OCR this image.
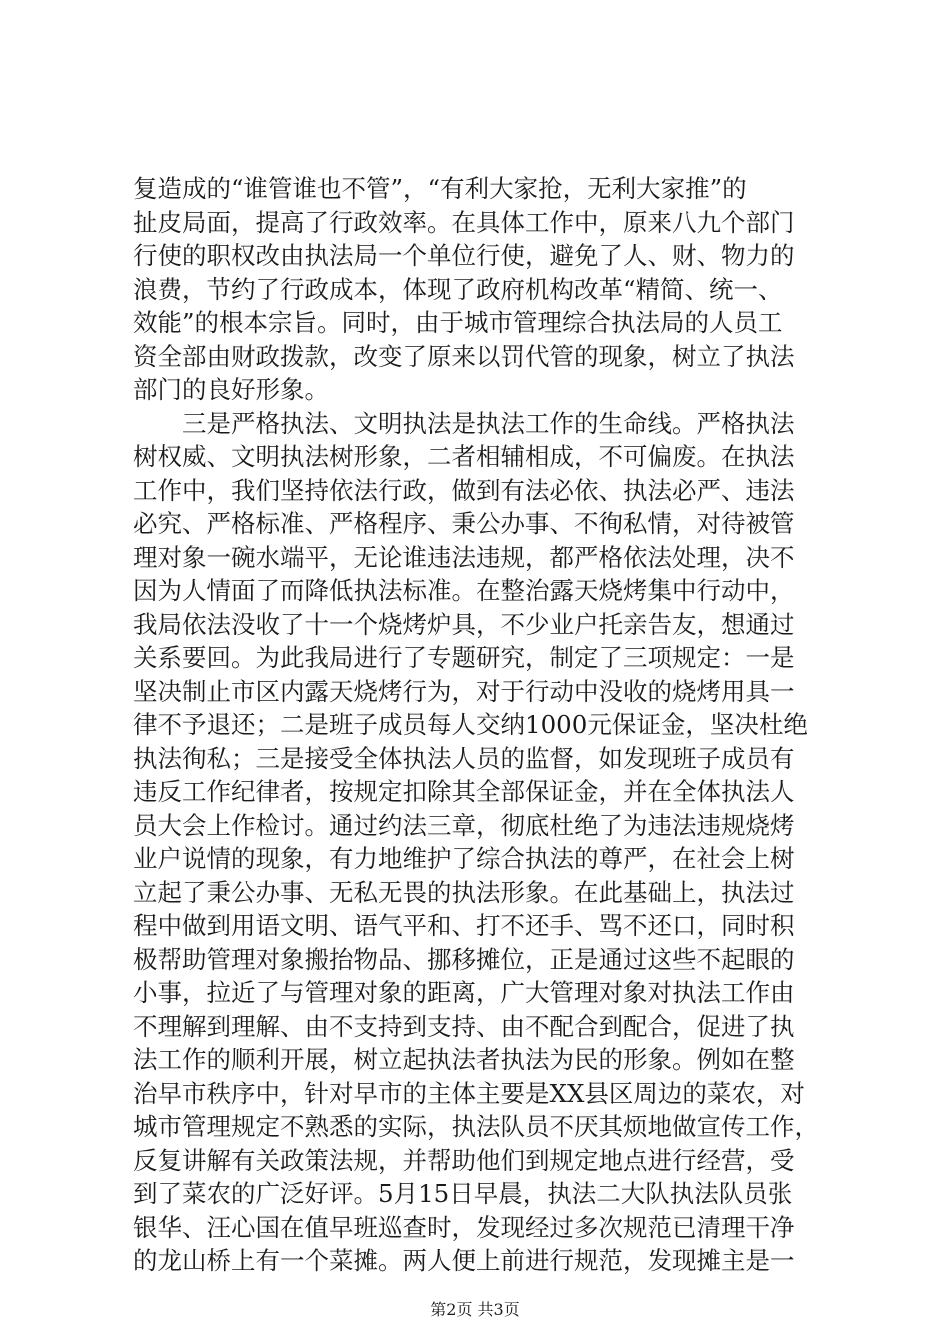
复造成的“谁管谁也不管”，“有利大家抢，无利大家推”的
扯皮局面，提高了行政效率。在具体工作中，原来八九个部门
行使的职权改由执法局一个单位行使，避免了人、财、物力的
浪费，节约了行政成本，体现了政府机构改革“精简、统一、
效能”的根本宗旨。同时，由于城市管理综合执法局的人员工
资全部由财政拨款，改变了原来以罚代管的现象，树立了执法
部门的良好形象。
　　三是严格执法、文明执法是执法工作的生命线。严格执法
树权威、文明执法树形象，二者相辅相成，不可偏废。在执法
工作中，我们坚持依法行政，做到有法必依、执法必严、违法
必究、严格标准、严格程序、秉公办事、不徇私情，对待被管
理对象一碗水端平，无论谁违法违规，都严格依法处理，决不
因为人情面了而降低执法标准。在整治露天烧烤集中行动中，
我局依法没收了十一个烧烤炉具，不少业户托亲告友，想通过
关系要回。为此我局进行了专题研究，制定了三项规定：一是
坚决制止市区内露天烧烤行为，对于行动中没收的烧烤用具一
律不予退还；二是班子成员每人交纳1000元保证金，坚决杜绝
执法徇私；三是接受全体执法人员的监督，如发现班子成员有
违反工作纪律者，按规定扣除其全部保证金，并在全体执法人
员大会上作检讨。通过约法三章，彻底杜绝了为违法违规烧烤
业户说情的现象，有力地维护了综合执法的尊严，在社会上树
立起了秉公办事、无私无畏的执法形象。在此基础上，执法过
程中做到用语文明、语气平和、打不还手、骂不还口，同时积
极帮助管理对象搬抬物品、挪移摊位，正是通过这些不起眼的
小事，拉近了与管理对象的距离，广大管理对象对执法工作由
不理解到理解、由不支持到支持、由不配合到配合，促进了执
法工作的顺利开展，树立起执法者执法为民的形象。例如在整
治早市秩序中，针对早市的主体主要是XX县区周边的菜农，对
城市管理规定不熟悉的实际，执法队员不厌其烦地做宣传工作，
反复讲解有关政策法规，并帮助他们到规定地点进行经营，受
到了菜农的广泛好评。5月15日早晨，执法二大队执法队员张
银华、汪心国在值早班巡查时，发现经过多次规范已清理干净
的龙山桥上有一个菜摊。两人便上前进行规范，发现摊主是一
第2页 共3页
